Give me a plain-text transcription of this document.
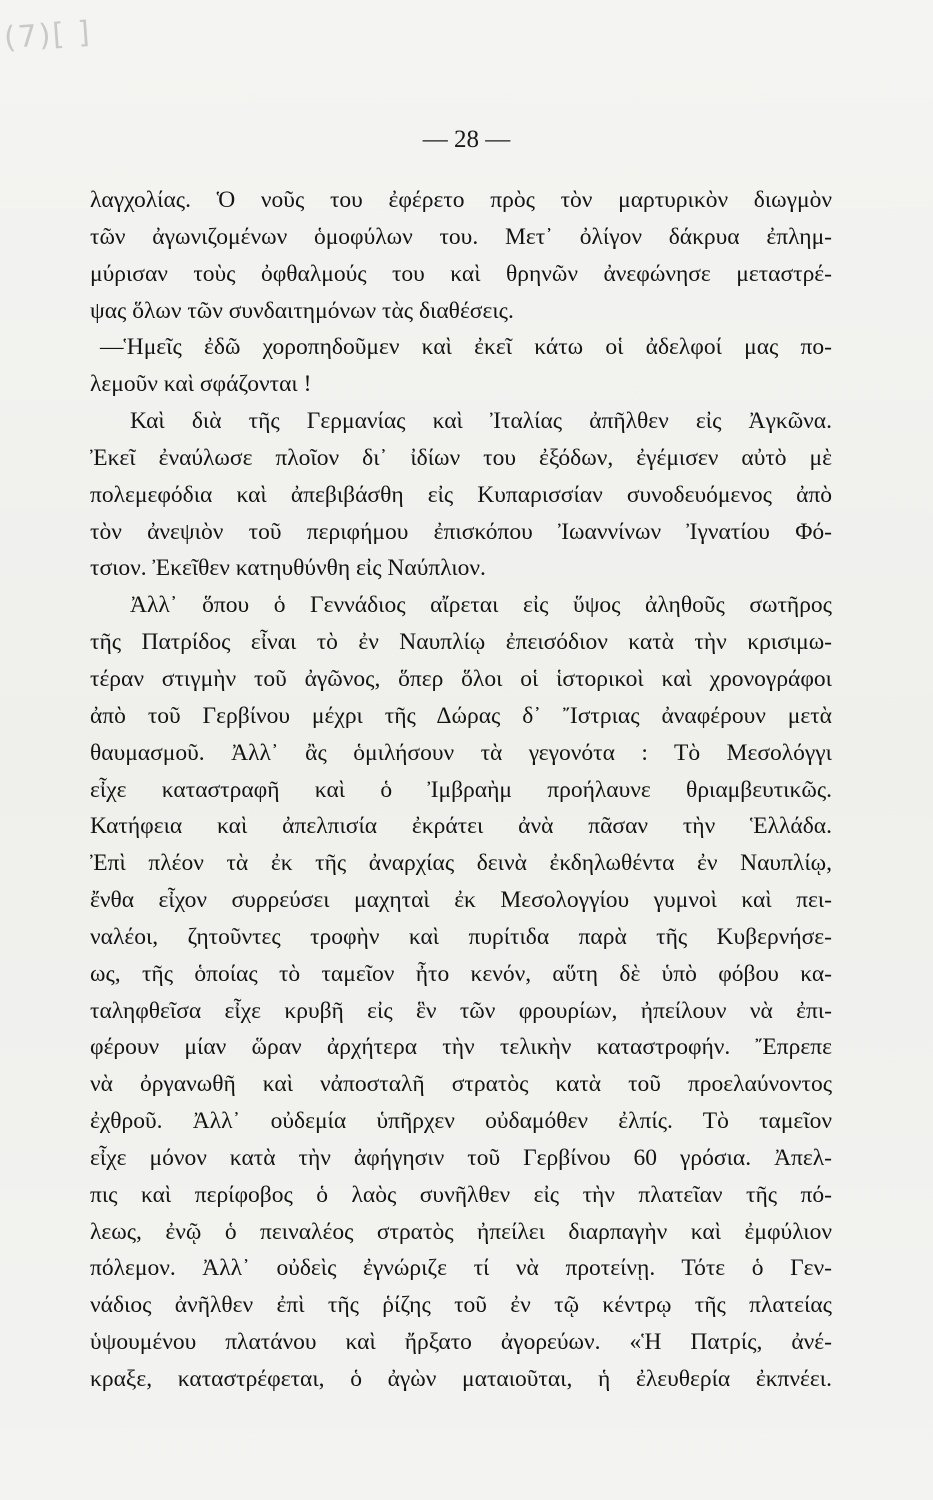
(7)[ ]
— 28 —
λαγχολίας. Ὁ νοῦς του ἐφέρετο πρὸς τὸν μαρτυρικὸν διωγμὸν
τῶν ἀγωνιζομένων ὁμοφύλων του. Μετ᾿ ὀλίγον δάκρυα ἐπλημ-
μύρισαν τοὺς ὀφθαλμούς του καὶ θρηνῶν ἀνεφώνησε μεταστρέ-
ψας ὅλων τῶν συνδαιτημόνων τὰς διαθέσεις.
—Ἡμεῖς ἐδῶ χοροπηδοῦμεν καὶ ἐκεῖ κάτω οἱ ἀδελφοί μας πο-
λεμοῦν καὶ σφάζονται !
Καὶ διὰ τῆς Γερμανίας καὶ Ἰταλίας ἀπῆλθεν εἰς Ἀγκῶνα.
Ἐκεῖ ἐναύλωσε πλοῖον δι᾿ ἰδίων του ἐξόδων, ἐγέμισεν αὐτὸ μὲ
πολεμεφόδια καὶ ἀπεβιβάσθη εἰς Κυπαρισσίαν συνοδευόμενος ἀπὸ
τὸν ἀνεψιὸν τοῦ περιφήμου ἐπισκόπου Ἰωαννίνων Ἰγνατίου Φό-
τσιον. Ἐκεῖθεν κατηυθύνθη εἰς Ναύπλιον.
Ἀλλ᾿ ὅπου ὁ Γεννάδιος αἴρεται εἰς ὕψος ἀληθοῦς σωτῆρος
τῆς Πατρίδος εἶναι τὸ ἐν Ναυπλίῳ ἐπεισόδιον κατὰ τὴν κρισιμω-
τέραν στιγμὴν τοῦ ἀγῶνος, ὅπερ ὅλοι οἱ ἱστορικοὶ καὶ χρονογράφοι
ἀπὸ τοῦ Γερβίνου μέχρι τῆς Δώρας δ᾿ Ἴστριας ἀναφέρουν μετὰ
θαυμασμοῦ. Ἀλλ᾿ ἂς ὁμιλήσουν τὰ γεγονότα : Τὸ Μεσολόγγι
εἶχε καταστραφῆ καὶ ὁ Ἰμβραὴμ προήλαυνε θριαμβευτικῶς.
Κατήφεια καὶ ἀπελπισία ἐκράτει ἀνὰ πᾶσαν τὴν Ἑλλάδα.
Ἐπὶ πλέον τὰ ἐκ τῆς ἀναρχίας δεινὰ ἐκδηλωθέντα ἐν Ναυπλίῳ,
ἔνθα εἶχον συρρεύσει μαχηταὶ ἐκ Μεσολογγίου γυμνοὶ καὶ πει-
ναλέοι, ζητοῦντες τροφὴν καὶ πυρίτιδα παρὰ τῆς Κυβερνήσε-
ως, τῆς ὁποίας τὸ ταμεῖον ἦτο κενόν, αὕτη δὲ ὑπὸ φόβου κα-
ταληφθεῖσα εἶχε κρυβῆ εἰς ἓν τῶν φρουρίων, ἠπείλουν νὰ ἐπι-
φέρουν μίαν ὥραν ἀρχήτερα τὴν τελικὴν καταστροφήν. Ἔπρεπε
νὰ ὀργανωθῆ καὶ νἀποσταλῆ στρατὸς κατὰ τοῦ προελαύνοντος
ἐχθροῦ. Ἀλλ᾿ οὐδεμία ὑπῆρχεν οὐδαμόθεν ἐλπίς. Τὸ ταμεῖον
εἶχε μόνον κατὰ τὴν ἀφήγησιν τοῦ Γερβίνου 60 γρόσια. Ἀπελ-
πις καὶ περίφοβος ὁ λαὸς συνῆλθεν εἰς τὴν πλατεῖαν τῆς πό-
λεως, ἐνῷ ὁ πειναλέος στρατὸς ἠπείλει διαρπαγὴν καὶ ἐμφύλιον
πόλεμον. Ἀλλ᾿ οὐδεὶς ἐγνώριζε τί νὰ προτείνῃ. Τότε ὁ Γεν-
νάδιος ἀνῆλθεν ἐπὶ τῆς ῥίζης τοῦ ἐν τῷ κέντρῳ τῆς πλατείας
ὑψουμένου πλατάνου καὶ ἤρξατο ἀγορεύων. «Ἡ Πατρίς, ἀνέ-
κραξε, καταστρέφεται, ὁ ἀγὼν ματαιοῦται, ἡ ἐλευθερία ἐκπνέει.
